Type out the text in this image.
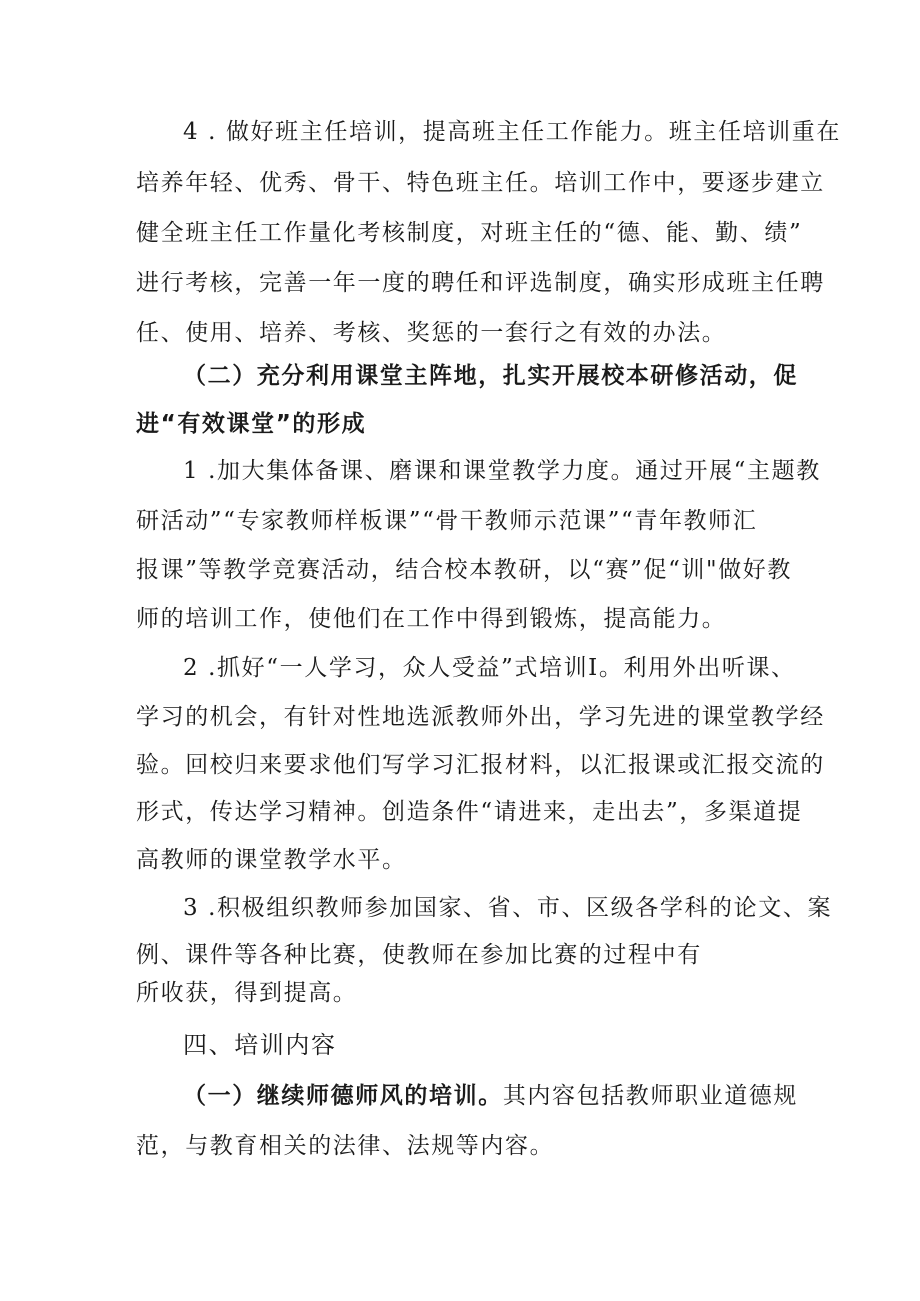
4 . 做好班主任培训，提高班主任工作能力。班主任培训重在
培养年轻、优秀、骨干、特色班主任。培训工作中，要逐步建立
健全班主任工作量化考核制度，对班主任的“德、能、勤、绩”
进行考核，完善一年一度的聘任和评选制度，确实形成班主任聘
任、使用、培养、考核、奖惩的一套行之有效的办法。
（二）充分利用课堂主阵地，扎实开展校本研修活动，促
进“有效课堂”的形成
1 .加大集体备课、磨课和课堂教学力度。通过开展“主题教
研活动”“专家教师样板课”“骨干教师示范课”“青年教师汇
报课”等教学竞赛活动，结合校本教研，以“赛”促“训"做好教
师的培训工作，使他们在工作中得到锻炼，提高能力。
2 .抓好“一人学习，众人受益”式培训I。利用外出听课、
学习的机会，有针对性地选派教师外出，学习先进的课堂教学经
验。回校归来要求他们写学习汇报材料，以汇报课或汇报交流的
形式，传达学习精神。创造条件“请进来，走出去”，多渠道提
高教师的课堂教学水平。
3 .积极组织教师参加国家、省、市、区级各学科的论文、案
例、课件等各种比赛，使教师在参加比赛的过程中有
所收获，得到提高。
四、培训内容
（一）继续师德师风的培训。其内容包括教师职业道德规
范，与教育相关的法律、法规等内容。
